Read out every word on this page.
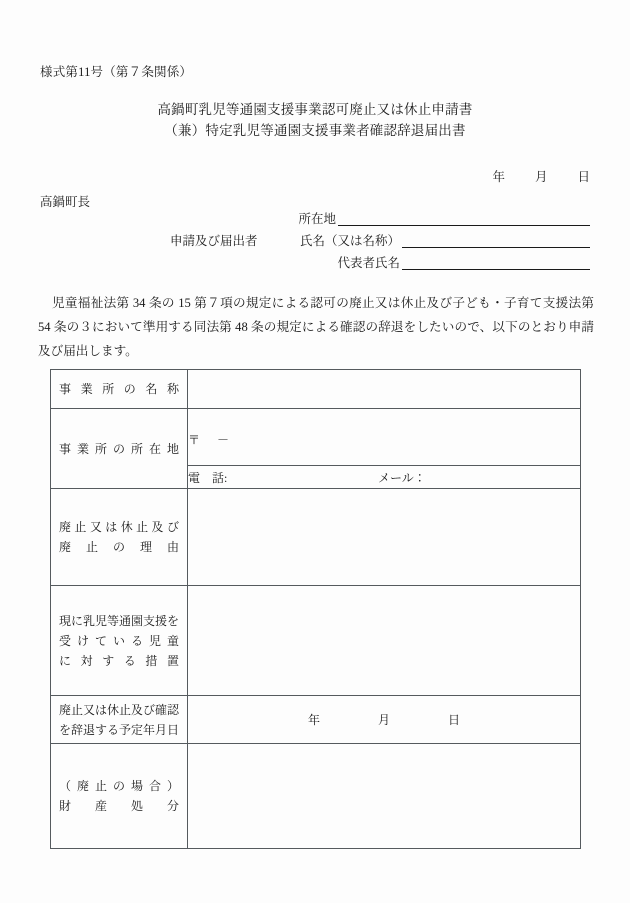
様式第11号（第７条関係）
高鍋町乳児等通園支援事業認可廃止又は休止申請書
（兼）特定乳児等通園支援事業者確認辞退届出書
年 月 日
高鍋町長
所在地
申請及び届出者	氏名（又は名称）
代表者氏名
児童福祉法第 34 条の 15 第７項の規定による認可の廃止又は休止及び子ども・子育て支援法第 54 条の３において準用する同法第 48 条の規定による確認の辞退をしたいので、以下のとおり申請及び届出します。
事業所の名称	

事業所の所在地	〒 －

	電　話: メール：

廃止又は休止及び
廃止の理由	

現に乳児等通園支援を
受けている児童
に対する措置	

廃止又は休止及び確認
を辞退する予定年月日	年 月 日

（廃止の場合）
財産処分	
